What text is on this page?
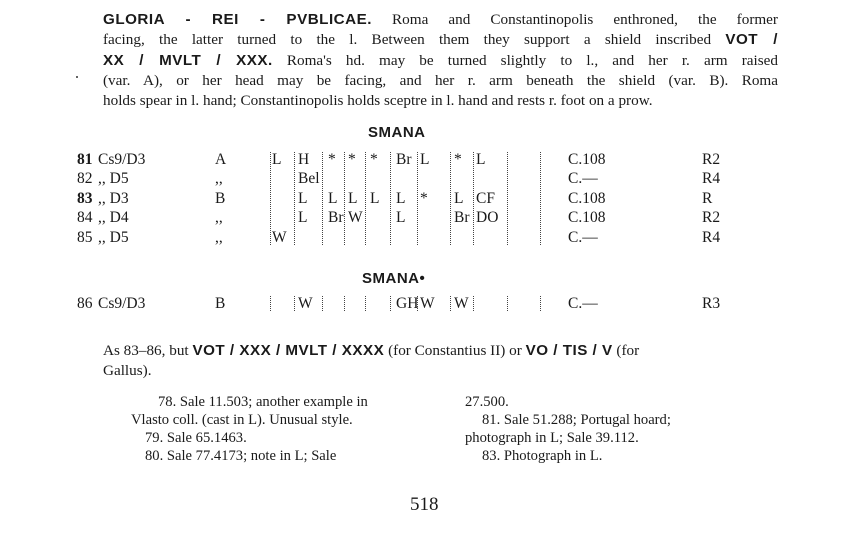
GLORIA - REI - PVBLICAE. Roma and Constantinopolis enthroned, the former
facing, the latter turned to the l. Between them they support a shield inscribed VOT /
XX / MVLT / XXX. Roma's hd. may be turned slightly to l., and her r. arm raised
(var. A), or her head may be facing, and her r. arm beneath the shield (var. B). Roma
holds spear in l. hand; Constantinopolis holds sceptre in l. hand and rests r. foot on a prow.
SMANA
81 Cs9/D3	A	L H * * * Br L * L	C.108	R2
82 ,, D5	,,	Bel	C.—	R4
83 ,, D3	B	L L L L L * L CF	C.108	R
84 ,, D4	,,	L Br W L	Br DO	C.108	R2
85 ,, D5	,,	W	C.—	R4
SMANA•
86 Cs9/D3	B	W	GH W W	C.—	R3
As 83–86, but VOT / XXX / MVLT / XXXX (for Constantius II) or VO / TIS / V (for
Gallus).
78. Sale 11.503; another example in
Vlasto coll. (cast in L). Unusual style.
79. Sale 65.1463.
80. Sale 77.4173; note in L; Sale
27.500.
81. Sale 51.288; Portugal hoard;
photograph in L; Sale 39.112.
83. Photograph in L.
518
